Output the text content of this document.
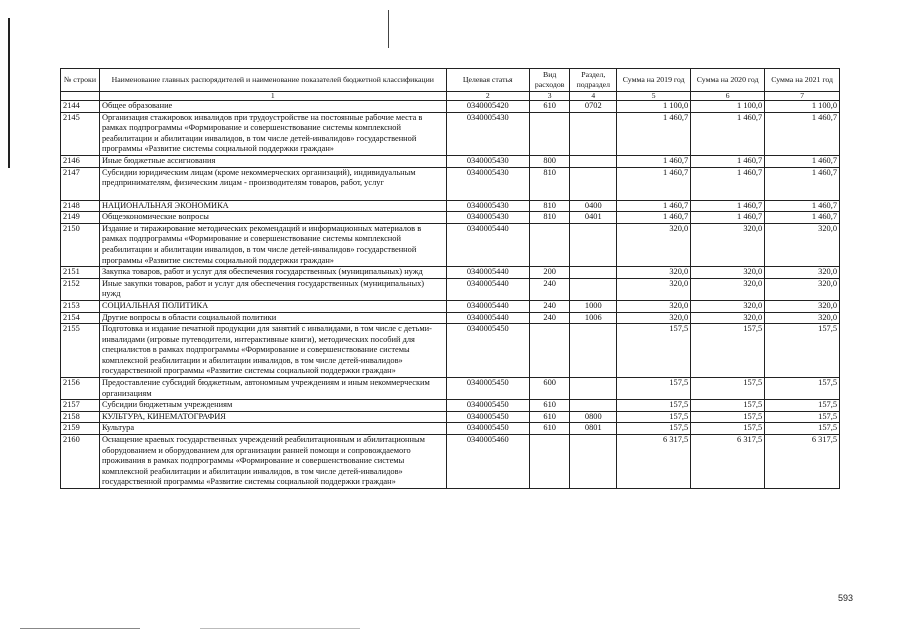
№ строки	Наименование главных распорядителей и наименование показателей бюджетной классификации	Целевая статья	Вид расходов	Раздел, подраздел	Сумма на 2019 год	Сумма на 2020 год	Сумма на 2021 год
	1	2	3	4	5	6	7
2144	Общее образование	0340005420	610	0702	1 100,0	1 100,0	1 100,0
2145	Организация стажировок инвалидов при трудоустройстве на постоянные рабочие места в рамках подпрограммы «Формирование и совершенствование системы комплексной реабилитации и абилитации инвалидов, в том числе детей-инвалидов» государственной программы «Развитие системы социальной поддержки граждан»	0340005430			1 460,7	1 460,7	1 460,7
2146	Иные бюджетные ассигнования	0340005430	800		1 460,7	1 460,7	1 460,7
2147	Субсидии юридическим лицам (кроме некоммерческих организаций), индивидуальным предпринимателям, физическим лицам - производителям товаров, работ, услуг	0340005430	810		1 460,7	1 460,7	1 460,7
2148	НАЦИОНАЛЬНАЯ ЭКОНОМИКА	0340005430	810	0400	1 460,7	1 460,7	1 460,7
2149	Общеэкономические вопросы	0340005430	810	0401	1 460,7	1 460,7	1 460,7
2150	Издание и тиражирование методических рекомендаций и информационных материалов в рамках подпрограммы «Формирование и совершенствование системы комплексной реабилитации и абилитации инвалидов, в том числе детей-инвалидов» государственной программы «Развитие системы социальной поддержки граждан»	0340005440			320,0	320,0	320,0
2151	Закупка товаров, работ и услуг для обеспечения государственных (муниципальных) нужд	0340005440	200		320,0	320,0	320,0
2152	Иные закупки товаров, работ и услуг для обеспечения государственных (муниципальных) нужд	0340005440	240		320,0	320,0	320,0
2153	СОЦИАЛЬНАЯ ПОЛИТИКА	0340005440	240	1000	320,0	320,0	320,0
2154	Другие вопросы в области социальной политики	0340005440	240	1006	320,0	320,0	320,0
2155	Подготовка и издание печатной продукции для занятий с инвалидами, в том числе с детьми-инвалидами (игровые путеводители, интерактивные книги), методических пособий для специалистов в рамках подпрограммы «Формирование и совершенствование системы комплексной реабилитации и абилитации инвалидов, в том числе детей-инвалидов» государственной программы «Развитие системы социальной поддержки граждан»	0340005450			157,5	157,5	157,5
2156	Предоставление субсидий бюджетным, автономным учреждениям и иным некоммерческим организациям	0340005450	600		157,5	157,5	157,5
2157	Субсидии бюджетным учреждениям	0340005450	610		157,5	157,5	157,5
2158	КУЛЬТУРА, КИНЕМАТОГРАФИЯ	0340005450	610	0800	157,5	157,5	157,5
2159	Культура	0340005450	610	0801	157,5	157,5	157,5
2160	Оснащение краевых государственных учреждений реабилитационным и абилитационным оборудованием и оборудованием для организации ранней помощи и сопровождаемого проживания в рамках подпрограммы «Формирование и совершенствование системы комплексной реабилитации и абилитации инвалидов, в том числе детей-инвалидов» государственной программы «Развитие системы социальной поддержки граждан»	0340005460			6 317,5	6 317,5	6 317,5
593
